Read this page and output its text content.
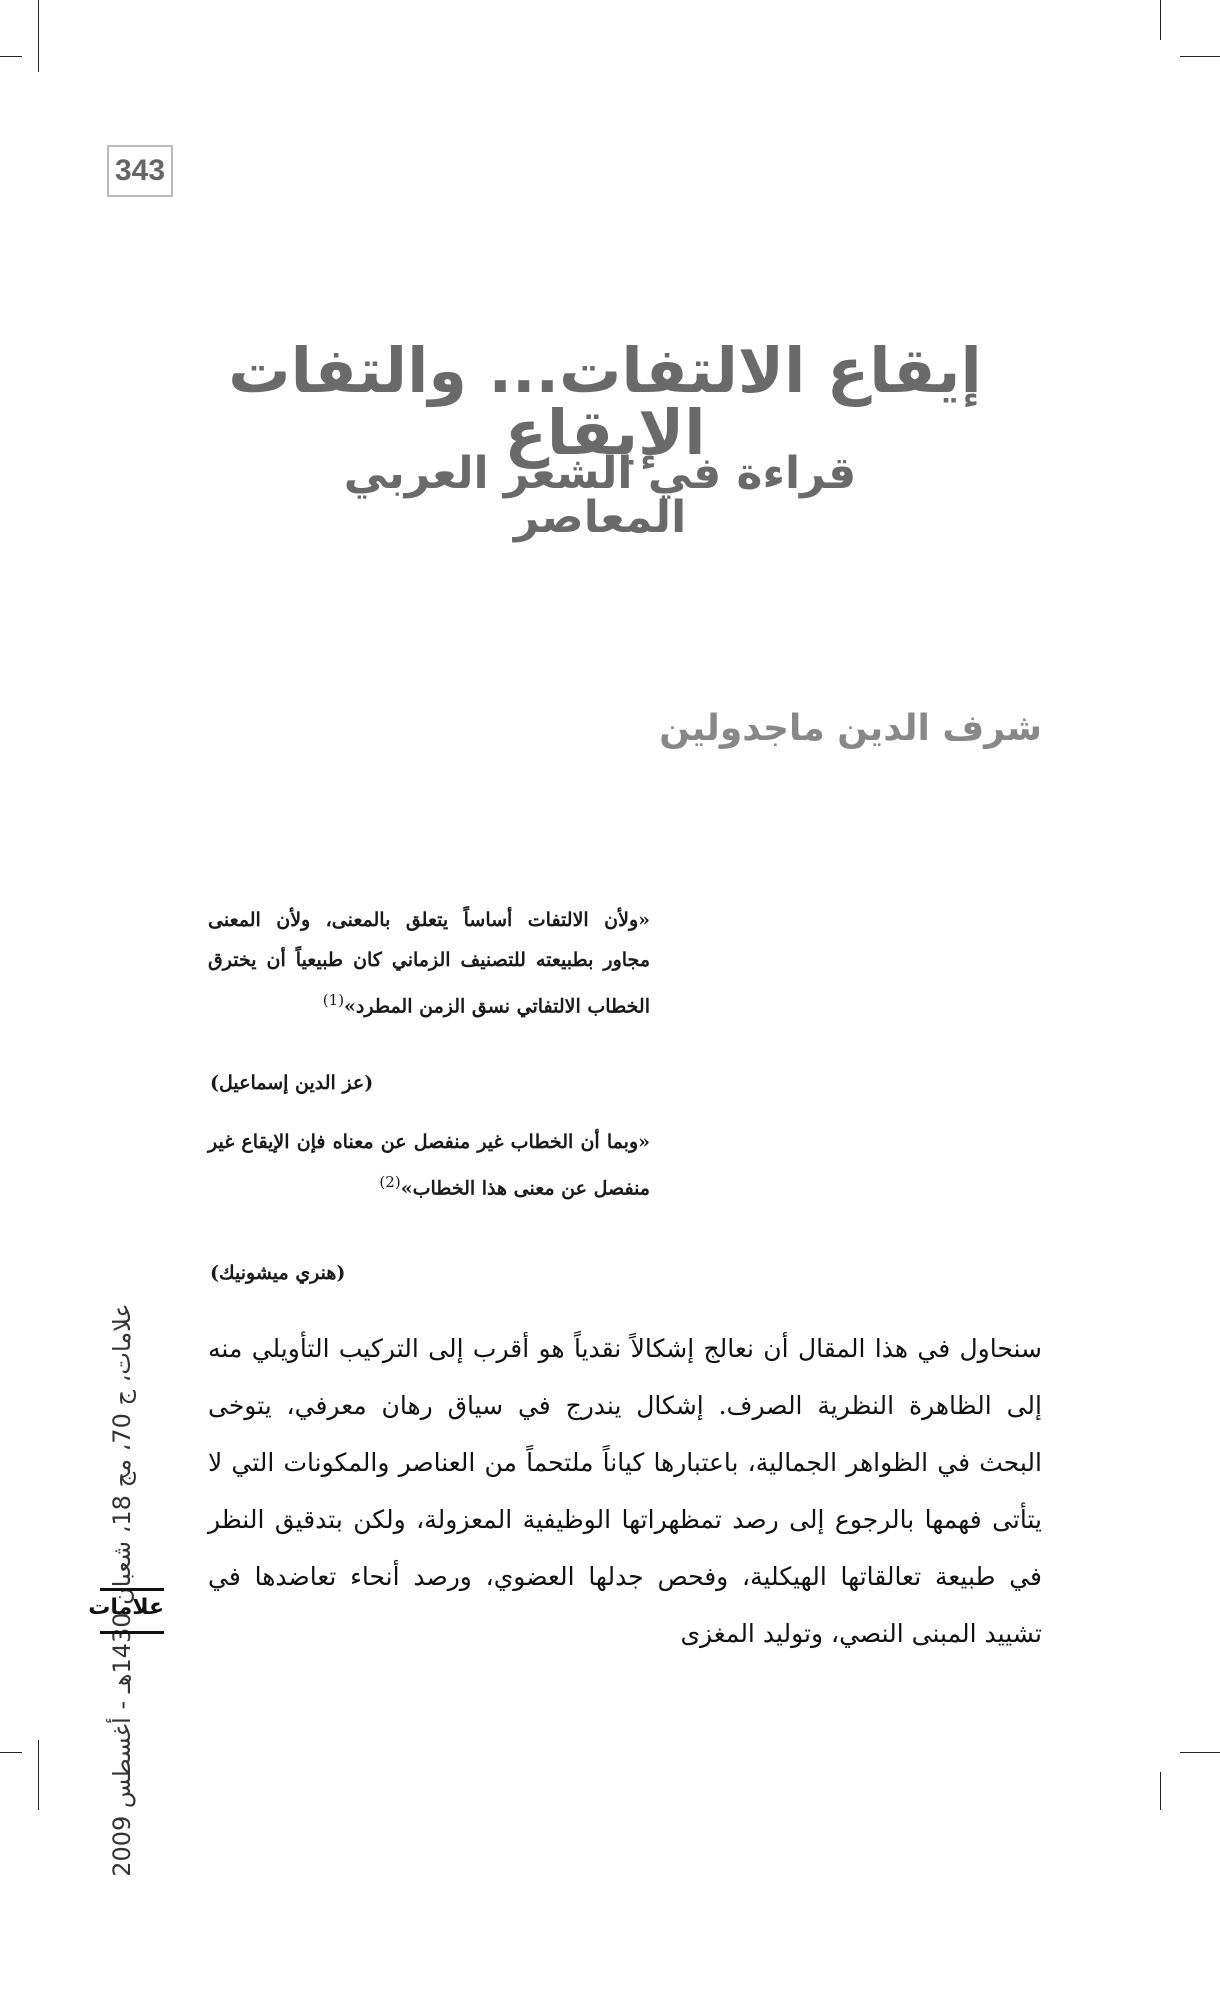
343
إيقاع الالتفات... والتفات الإيقاع
قراءة في الشعر العربي المعاصر
شرف الدين ماجدولين
«ولأن الالتفات أساساً يتعلق بالمعنى، ولأن المعنى مجاور بطبيعته للتصنيف الزماني كان طبيعياً أن يخترق الخطاب الالتفاتي نسق الزمن المطرد»$^{(1)}$
(عز الدين إسماعيل)
«وبما أن الخطاب غير منفصل عن معناه فإن الإيقاع غير منفصل عن معنى هذا الخطاب»$^{(2)}$
(هنري ميشونيك)
سنحاول في هذا المقال أن نعالج إشكالاً نقدياً هو أقرب إلى التركيب التأويلي منه إلى الظاهرة النظرية الصرف. إشكال يندرج في سياق رهان معرفي، يتوخى البحث في الظواهر الجمالية، باعتبارها كياناً ملتحماً من العناصر والمكونات التي لا يتأتى فهمها بالرجوع إلى رصد تمظهراتها الوظيفية المعزولة، ولكن بتدقيق النظر في طبيعة تعالقاتها الهيكلية، وفحص جدلها العضوي، ورصد أنحاء تعاضدها في تشييد المبنى النصي، وتوليد المغزى
علامات، ج 70، مج 18، شعبان 1430هـ - أغسطس 2009
علامات
